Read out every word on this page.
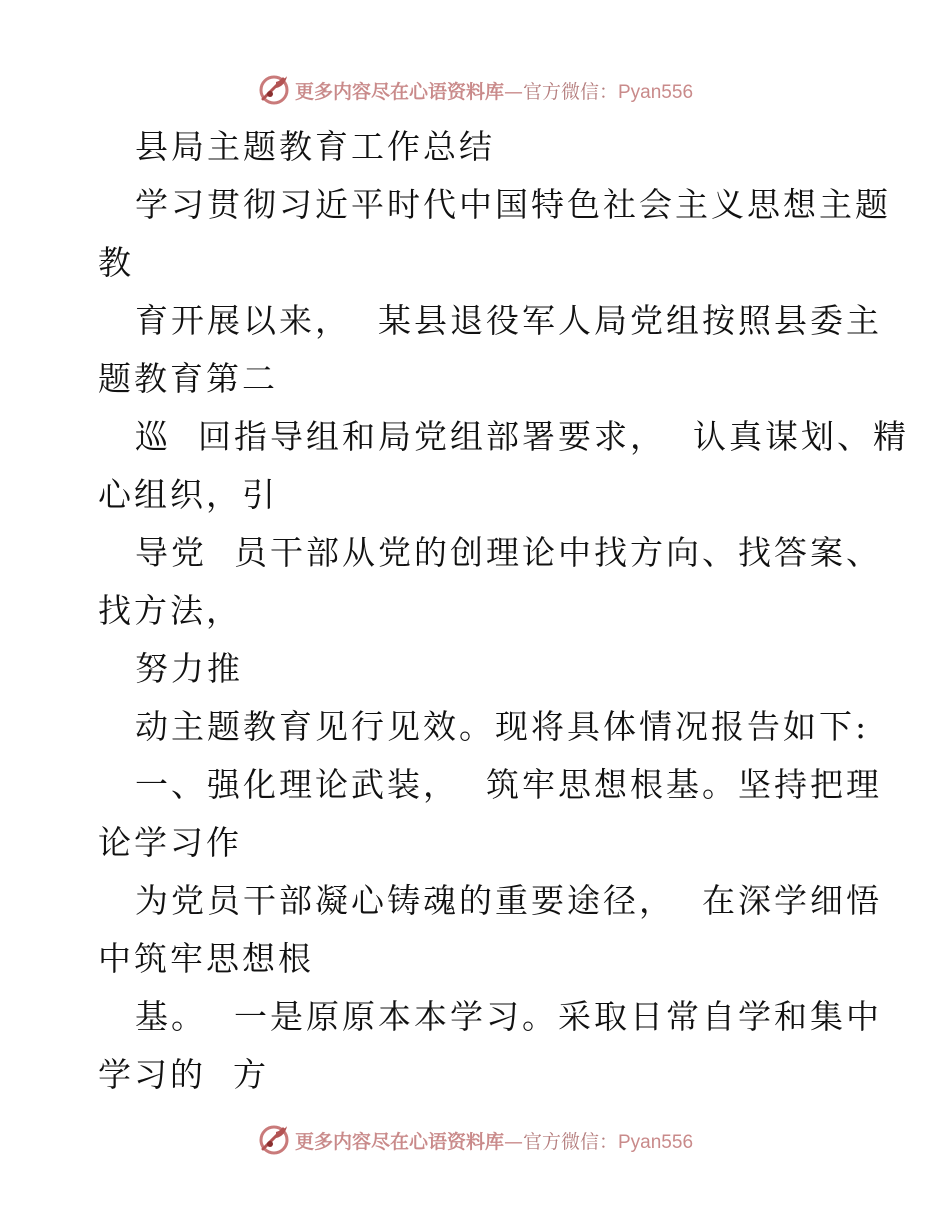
更多内容尽在心语资料库—官方微信：Pyan556
县局主题教育工作总结
学习贯彻习近平时代中国特色社会主义思想主题
教
育开展以来，  某县退役军人局党组按照县委主
题教育第二
巡  回指导组和局党组部署要求，  认真谋划、精
心组织，引
导党  员干部从党的创理论中找方向、找答案、
找方法，
努力推
动主题教育见行见效。现将具体情况报告如下:
一、强化理论武装，  筑牢思想根基。坚持把理
论学习作
为党员干部凝心铸魂的重要途径，  在深学细悟
中筑牢思想根
基。  一是原原本本学习。采取日常自学和集中
学习的  方
更多内容尽在心语资料库—官方微信：Pyan556
